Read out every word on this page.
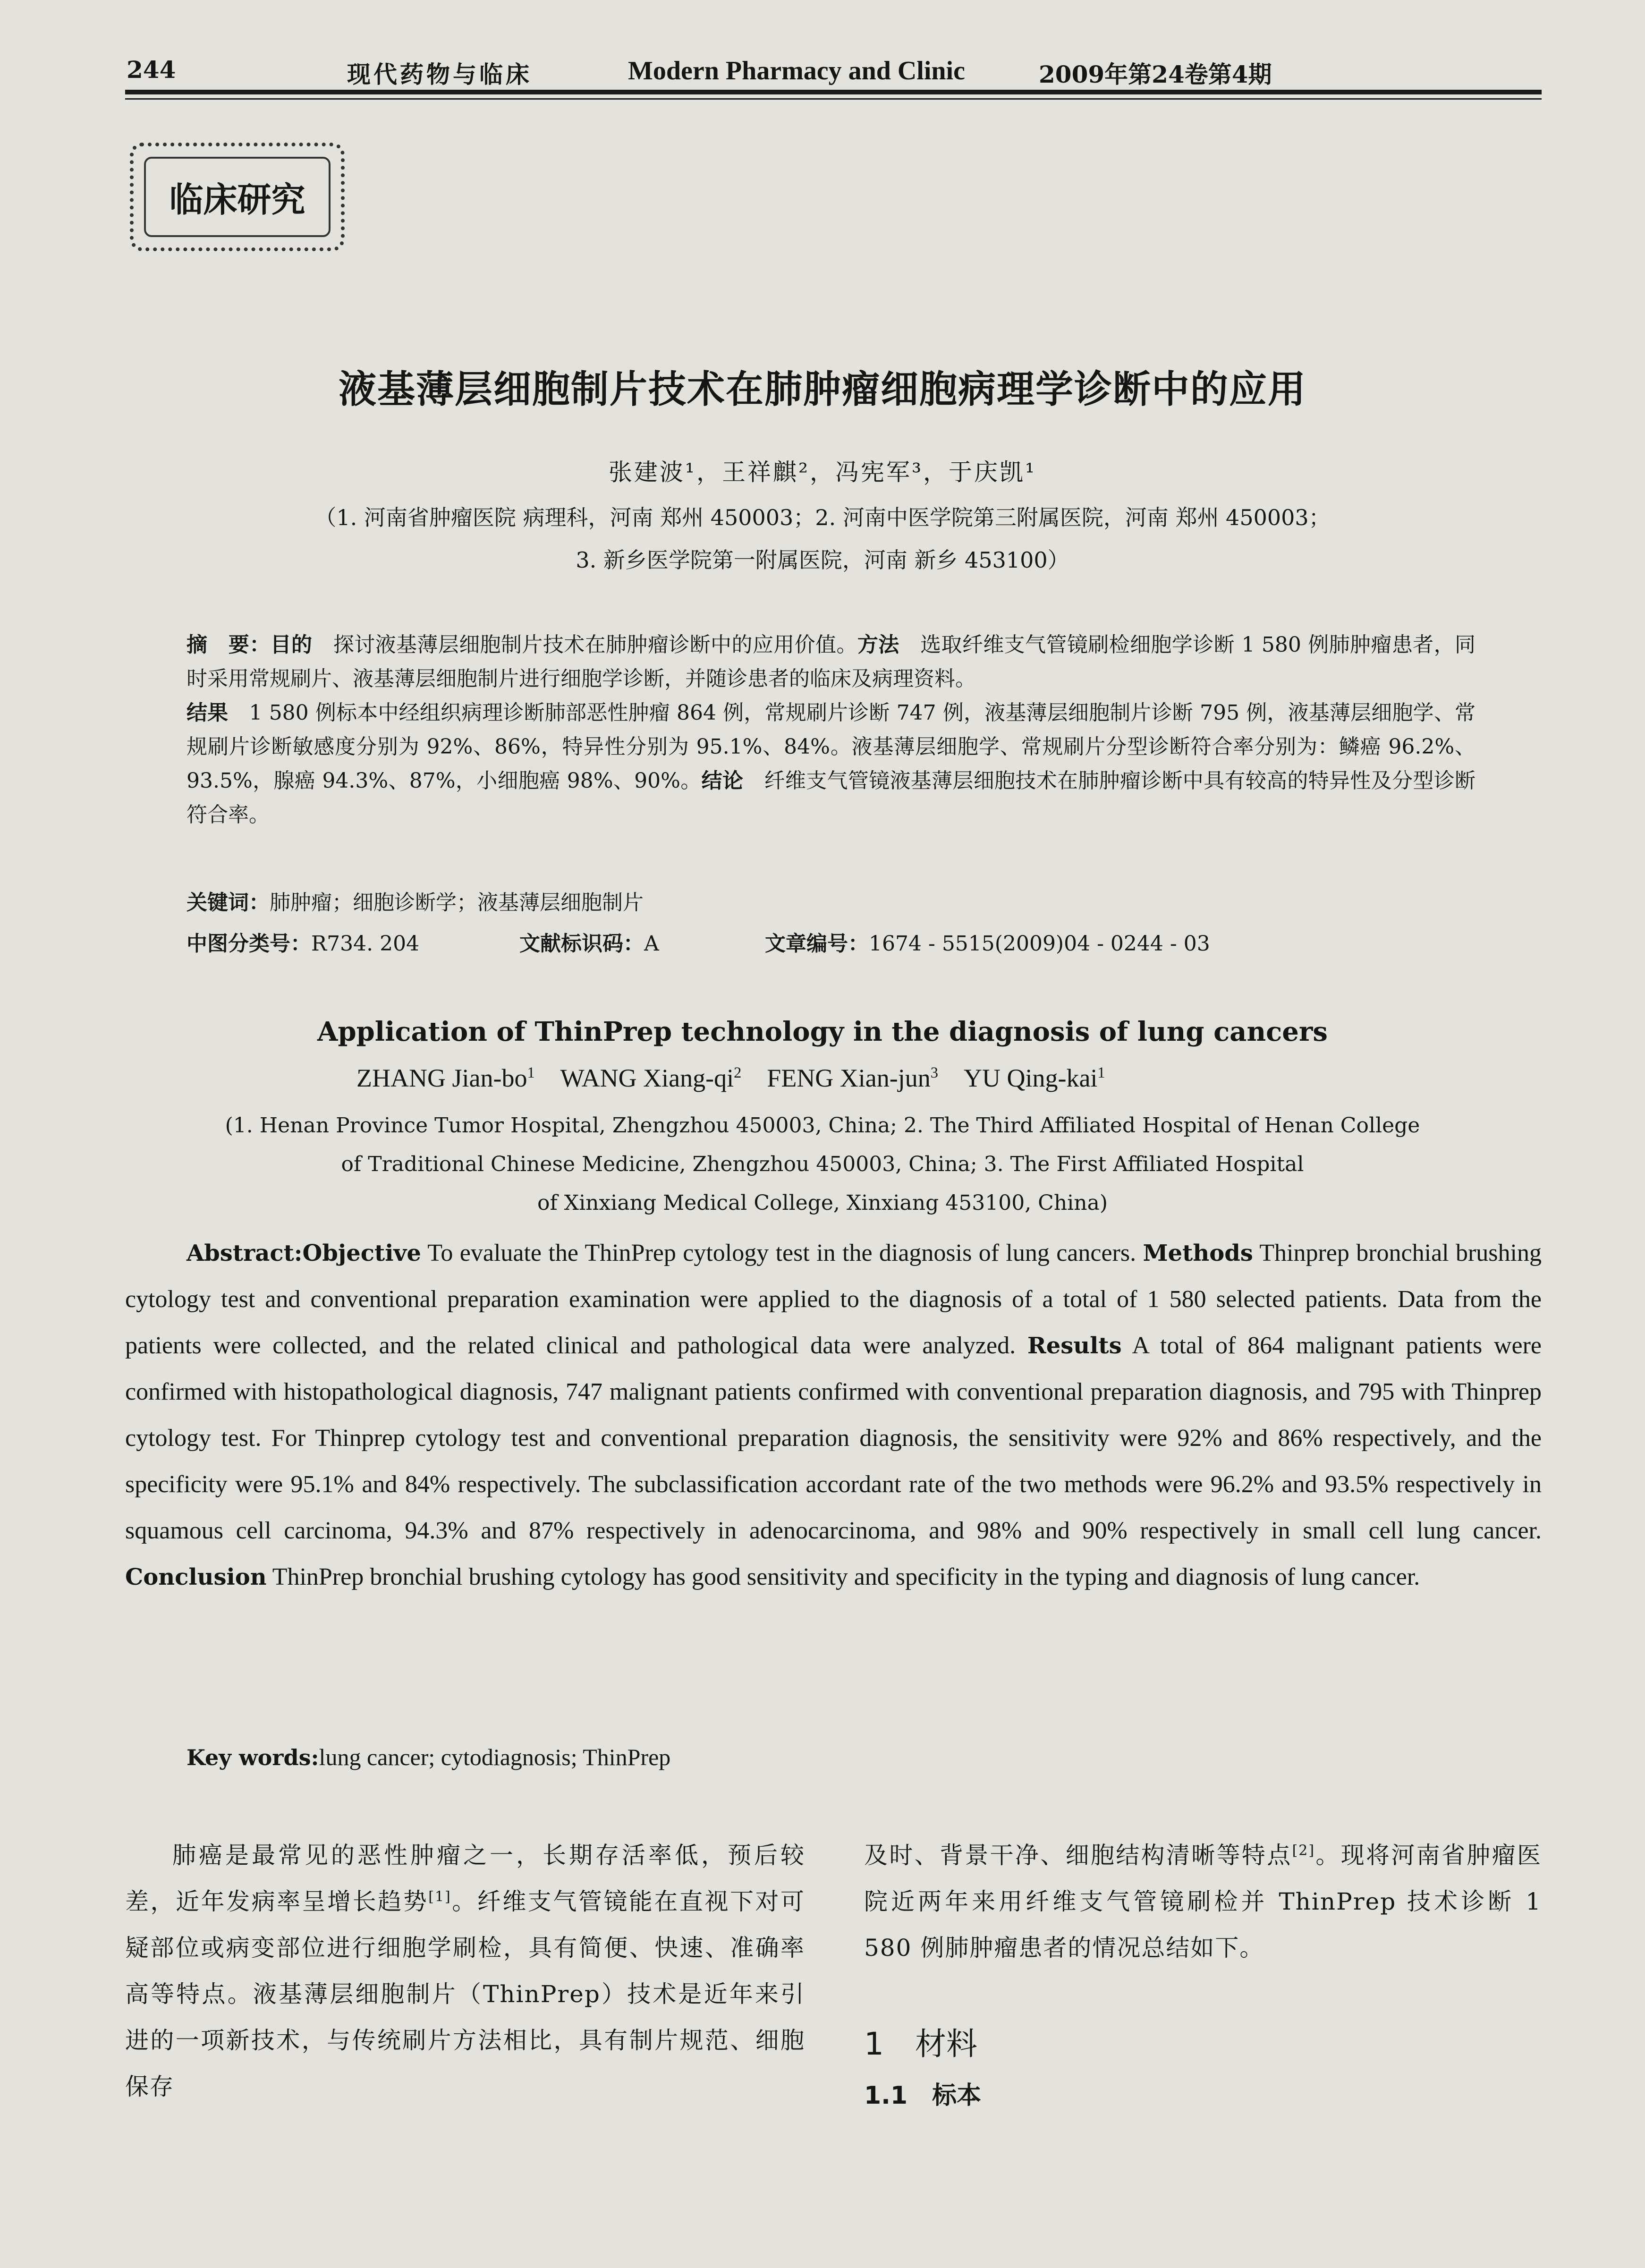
244	现代药物与临床	Modern Pharmacy and Clinic	2009年第24卷第4期
临床研究
液基薄层细胞制片技术在肺肿瘤细胞病理学诊断中的应用
张建波¹，王祥麒²，冯宪军³，于庆凯¹
（1. 河南省肿瘤医院 病理科，河南 郑州 450003；2. 河南中医学院第三附属医院，河南 郑州 450003；
3. 新乡医学院第一附属医院，河南 新乡 453100）
摘　要：目的　探讨液基薄层细胞制片技术在肺肿瘤诊断中的应用价值。方法　选取纤维支气管镜刷检细胞学诊断 1 580 例肺肿瘤患者，同时采用常规刷片、液基薄层细胞制片进行细胞学诊断，并随诊患者的临床及病理资料。
结果　1 580 例标本中经组织病理诊断肺部恶性肿瘤 864 例，常规刷片诊断 747 例，液基薄层细胞制片诊断 795 例，液基薄层细胞学、常规刷片诊断敏感度分别为 92%、86%，特异性分别为 95.1%、84%。液基薄层细胞学、常规刷片分型诊断符合率分别为：鳞癌 96.2%、93.5%，腺癌 94.3%、87%，小细胞癌 98%、90%。结论　纤维支气管镜液基薄层细胞技术在肺肿瘤诊断中具有较高的特异性及分型诊断符合率。
关键词：肺肿瘤；细胞诊断学；液基薄层细胞制片
中图分类号：R734. 204	文献标识码：A	文章编号：1674 - 5515(2009)04 - 0244 - 03
Application of ThinPrep technology in the diagnosis of lung cancers
ZHANG Jian-$bo^1$ WANG Xiang-$qi^2$ FENG Xian-jun$^3$ YU Qing-kai$^1$
(1. Henan Province Tumor Hospital, Zhengzhou 450003, China; 2. The Third Affiliated Hospital of Henan College
of Traditional Chinese Medicine, Zhengzhou 450003, China; 3. The First Affiliated Hospital
of Xinxiang Medical College, Xinxiang 453100, China)
Abstract:Objective To evaluate the ThinPrep cytology test in the diagnosis of lung cancers. Methods Thinprep bronchial brushing cytology test and conventional preparation examination were applied to the diagnosis of a total of 1 580 selected patients. Data from the patients were collected, and the related clinical and pathological data were analyzed. Results A total of 864 malignant patients were confirmed with histopathological diagnosis, 747 malignant patients confirmed with conventional preparation diagnosis, and 795 with Thinprep cytology test. For Thinprep cytology test and conventional preparation diagnosis, the sensitivity were 92% and 86% respectively, and the specificity were 95.1% and 84% respectively. The subclassification accordant rate of the two methods were 96.2% and 93.5% respectively in squamous cell carcinoma, 94.3% and 87% respectively in adenocarcinoma, and 98% and 90% respectively in small cell lung cancer. Conclusion ThinPrep bronchial brushing cytology has good sensitivity and specificity in the typing and diagnosis of lung cancer.
Key words:lung cancer; cytodiagnosis; ThinPrep
肺癌是最常见的恶性肿瘤之一，长期存活率低，预后较差，近年发病率呈增长趋势[1]。纤维支气管镜能在直视下对可疑部位或病变部位进行细胞学刷检，具有简便、快速、准确率高等特点。液基薄层细胞制片（ThinPrep）技术是近年来引进的一项新技术，与传统刷片方法相比，具有制片规范、细胞保存
及时、背景干净、细胞结构清晰等特点[2]。现将河南省肿瘤医院近两年来用纤维支气管镜刷检并 ThinPrep 技术诊断 1 580 例肺肿瘤患者的情况总结如下。
1　材料
1.1　标本
